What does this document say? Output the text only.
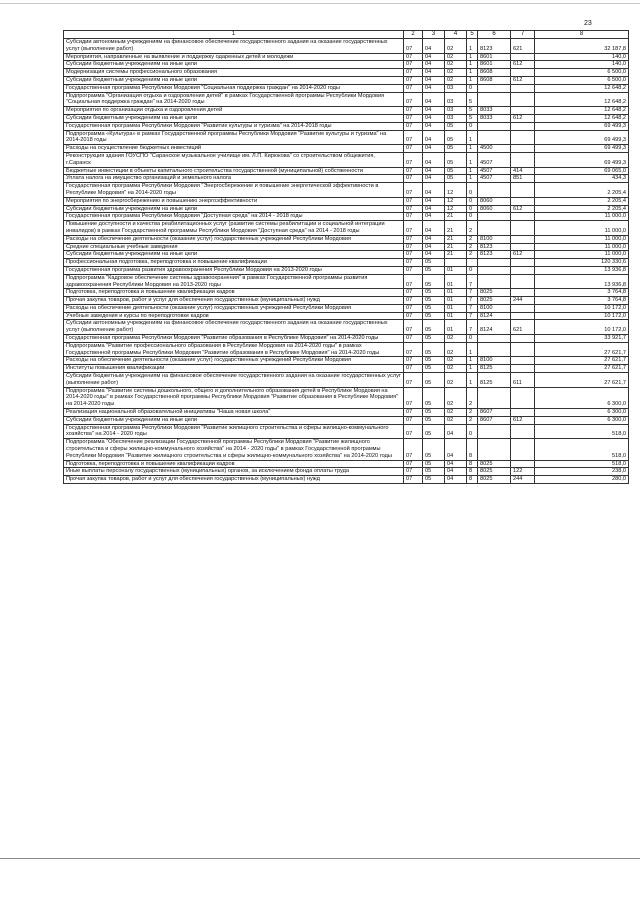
23
1	2	3	4	5	6	7	8
Субсидии автономным учреждениям на финансовое обеспечение государственного задания на оказание государственных услуг (выполнение работ)	07	04	02	1	8123	621	32 187,8
Мероприятия, направленные на выявление и поддержку одаренных детей и молодежи	07	04	02	1	8601		140,0
Субсидии бюджетным учреждениям на иные цели	07	04	02	1	8601	612	140,0
Модернизация системы профессионального образования	07	04	02	1	8608		6 500,0
Субсидии бюджетным учреждениям на иные цели	07	04	02	1	8608	612	6 500,0
Государственная программа Республики Мордовия "Социальная поддержка граждан" на 2014-2020 годы	07	04	03	0			12 648,2
Подпрограмма "Организация отдыха и оздоровления детей" в рамках Государственной программы Республики Мордовия "Социальная поддержка граждан" на 2014-2020 годы	07	04	03	5			12 648,2
Мероприятия по организации отдыха и оздоровления детей	07	04	03	5	8033		12 648,2
Субсидии бюджетным учреждениям на иные цели	07	04	03	5	8033	612	12 648,2
Государственная программа Республики Мордовия "Развитие культуры и туризма" на 2014-2018 годы	07	04	05	0			69 499,3
Подпрограмма «Культура» в рамках Государственной программы Республики Мордовия "Развитие культуры и туризма" на 2014-2018 годы	07	04	05	1			69 499,3
Расходы на осуществление бюджетных инвестиций	07	04	05	1	4500		69 499,3
Реконструкция здания ГОУСПО "Саранское музыкальное училище им. Л.П. Кирюкова" со строительством общежития, г.Саранск	07	04	05	1	4507		69 499,3
Бюджетные инвестиции в объекты капитального строительства государственной (муниципальной) собственности	07	04	05	1	4507	414	69 065,0
Уплата налога на имущество организаций и земельного налога	07	04	05	1	4507	851	434,3
Государственная программа Республики Мордовия "Энергосбережение и повышение энергетической эффективности в Республике Мордовия" на 2014-2020 годы	07	04	12	0			2 205,4
Мероприятия по энергосбережению и повышению энергоэффективности	07	04	12	0	8060		2 205,4
Субсидии бюджетным учреждениям на иные цели	07	04	12	0	8060	612	2 205,4
Государственная программа Республики Мордовия "Доступная среда" на 2014 - 2018 годы	07	04	21	0			11 000,0
Повышение доступности и качества реабилитационных услуг (развитие системы реабилитации и социальной интеграции инвалидов) в рамках Государственной программы Республики Мордовия "Доступная среда" на 2014 - 2018 годы	07	04	21	2			11 000,0
Расходы на обеспечение деятельности (оказание услуг) государственных учреждений Республики Мордовия	07	04	21	2	8100		11 000,0
Средние специальные учебные заведения	07	04	21	2	8123		11 000,0
Субсидии бюджетным учреждениям на иные цели	07	04	21	2	8123	612	11 000,0
Профессиональная подготовка, переподготовка и повышение квалификации	07	05					120 330,6
Государственная программа развития здравоохранения Республики Мордовия на 2013-2020 годы	07	05	01	0			13 936,8
Подпрограмма "Кадровое обеспечение системы здравоохранения" в рамках Государственной программы развития здравоохранения Республики Мордовия на 2013-2020 годы	07	05	01	7			13 936,8
Подготовка, переподготовка и повышение квалификации кадров	07	05	01	7	8025		3 764,8
Прочая закупка товаров, работ и услуг для обеспечения государственных (муниципальных) нужд	07	05	01	7	8025	244	3 764,8
Расходы на обеспечение деятельности (оказание услуг) государственных учреждений Республики Мордовия	07	05	01	7	8100		10 172,0
Учебные заведения и курсы по переподготовке кадров	07	05	01	7	8124		10 172,0
Субсидии автономным учреждениям на финансовое обеспечение государственного задания на оказание государственных услуг (выполнение работ)	07	05	01	7	8124	621	10 172,0
Государственная программа Республики Мордовия "Развитие образования в Республике Мордовия" на 2014-2020 годы	07	05	02	0			33 921,7
Подпрограмма "Развитие профессионального образования в Республике Мордовия на 2014-2020 годы" в рамках Государственной программы Республики Мордовия "Развитие образования в Республике Мордовия" на 2014-2020 годы	07	05	02	1			27 621,7
Расходы на обеспечение деятельности (оказание услуг) государственных учреждений Республики Мордовия	07	05	02	1	8100		27 621,7
Институты повышения квалификации	07	05	02	1	8125		27 621,7
Субсидии бюджетным учреждениям на финансовое обеспечение государственного задания на оказание государственных услуг (выполнение работ)	07	05	02	1	8125	611	27 621,7
Подпрограмма "Развитие системы дошкольного, общего и дополнительного образования детей в Республике Мордовия на 2014-2020 годы" в рамках Государственной программы Республики Мордовия "Развитие образования в Республике Мордовия" на 2014-2020 годы	07	05	02	2			6 300,0
Реализация национальной образовательной инициативы "Наша новая школа"	07	05	02	2	8607		6 300,0
Субсидии бюджетным учреждениям на иные цели	07	05	02	2	8607	612	6 300,0
Государственная программа Республики Мордовия "Развитие жилищного строительства и сферы жилищно-коммунального хозяйства" на 2014 - 2020 годы	07	05	04	0			518,0
Подпрограмма "Обеспечение реализации Государственной программы Республики Мордовия "Развитие жилищного строительства и сферы жилищно-коммунального хозяйства" на 2014 - 2020 годы" в рамках Государственной программы Республики Мордовия "Развитие жилищного строительства и сферы жилищно-коммунального хозяйства" на 2014-2020 годы	07	05	04	8			518,0
Подготовка, переподготовка и повышение квалификации кадров	07	05	04	8	8025		518,0
Иные выплаты персоналу государственных (муниципальных) органов, за исключением фонда оплаты труда	07	05	04	8	8025	122	238,0
Прочая закупка товаров, работ и услуг для обеспечения государственных (муниципальных) нужд	07	05	04	8	8025	244	280,0
